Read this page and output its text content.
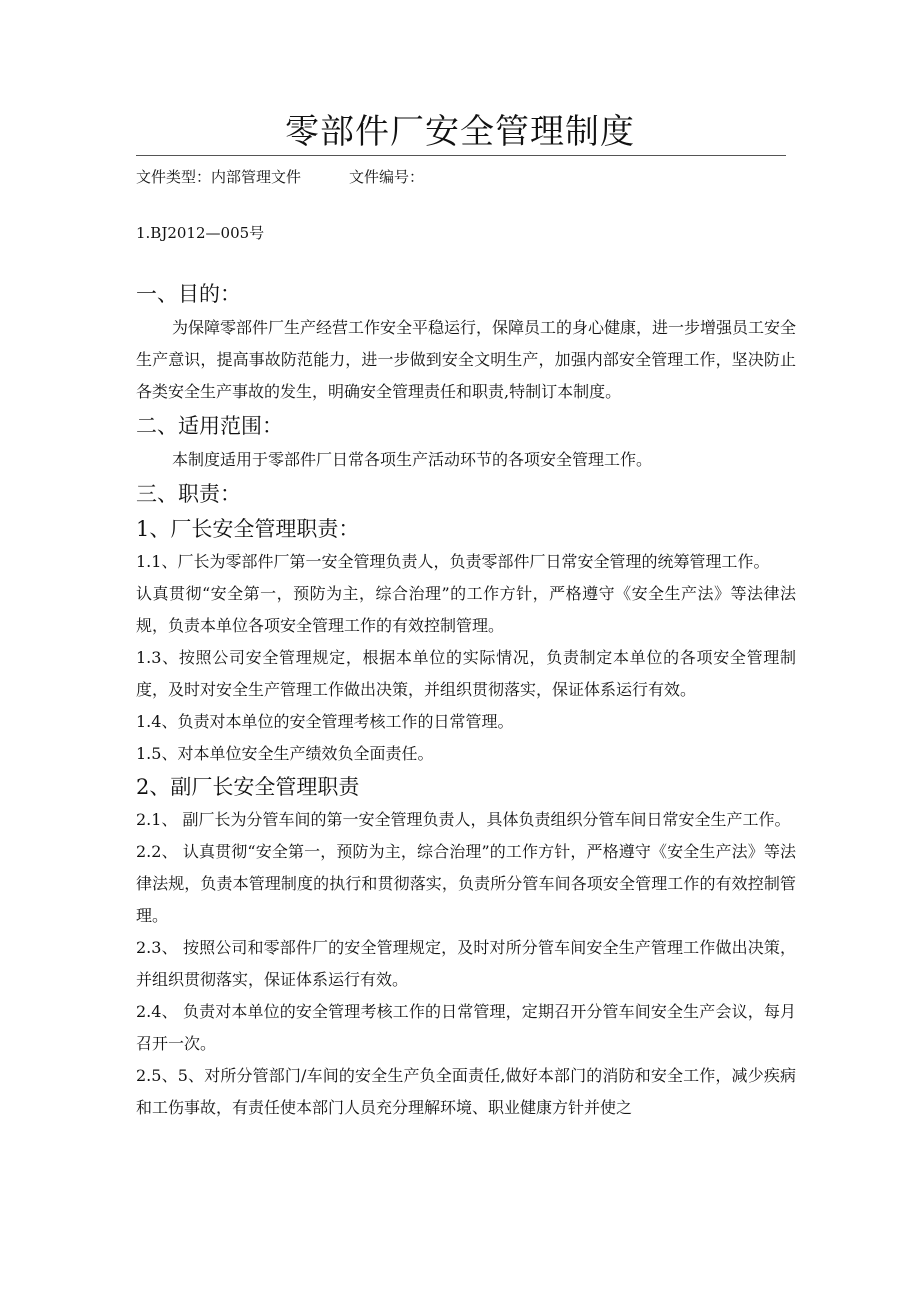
零部件厂安全管理制度
文件类型：内部管理文件	文件编号：
1.BJ2012—005号

一、目的：

为保障零部件厂生产经营工作安全平稳运行，保障员工的身心健康，进一步增强员工安全生产意识，提高事故防范能力，进一步做到安全文明生产，加强内部安全管理工作，坚决防止各类安全生产事故的发生，明确安全管理责任和职责,特制订本制度。

二、适用范围：

本制度适用于零部件厂日常各项生产活动环节的各项安全管理工作。

三、职责：

1、厂长安全管理职责：

1.1、厂长为零部件厂第一安全管理负责人，负责零部件厂日常安全管理的统筹管理工作。

认真贯彻“安全第一，预防为主，综合治理”的工作方针，严格遵守《安全生产法》等法律法规，负责本单位各项安全管理工作的有效控制管理。

1.3、按照公司安全管理规定，根据本单位的实际情况，负责制定本单位的各项安全管理制度，及时对安全生产管理工作做出决策，并组织贯彻落实，保证体系运行有效。

1.4、负责对本单位的安全管理考核工作的日常管理。

1.5、对本单位安全生产绩效负全面责任。

2、副厂长安全管理职责

2.1、 副厂长为分管车间的第一安全管理负责人，具体负责组织分管车间日常安全生产工作。

2.2、 认真贯彻“安全第一，预防为主，综合治理”的工作方针，严格遵守《安全生产法》等法律法规，负责本管理制度的执行和贯彻落实，负责所分管车间各项安全管理工作的有效控制管理。

2.3、 按照公司和零部件厂的安全管理规定，及时对所分管车间安全生产管理工作做出决策，并组织贯彻落实，保证体系运行有效。

2.4、 负责对本单位的安全管理考核工作的日常管理，定期召开分管车间安全生产会议，每月召开一次。

2.5、5、对所分管部门/车间的安全生产负全面责任,做好本部门的消防和安全工作，减少疾病和工伤事故，有责任使本部门人员充分理解环境、职业健康方针并使之
